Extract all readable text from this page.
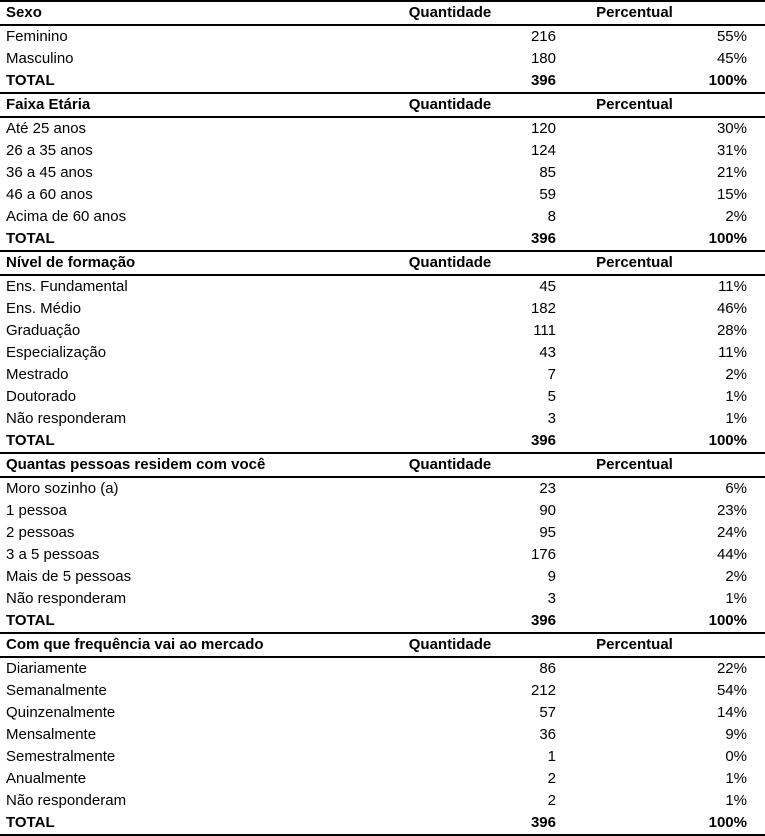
Sexo	Quantidade	Percentual
Feminino	216	55%
Masculino	180	45%
TOTAL	396	100%
Faixa Etária	Quantidade	Percentual
Até 25 anos	120	30%
26 a 35 anos	124	31%
36 a 45 anos	85	21%
46 a 60 anos	59	15%
Acima de 60 anos	8	2%
TOTAL	396	100%
Nível de formação	Quantidade	Percentual
Ens. Fundamental	45	11%
Ens. Médio	182	46%
Graduação	111	28%
Especialização	43	11%
Mestrado	7	2%
Doutorado	5	1%
Não responderam	3	1%
TOTAL	396	100%
Quantas pessoas residem com você	Quantidade	Percentual
Moro sozinho (a)	23	6%
1 pessoa	90	23%
2 pessoas	95	24%
3 a 5 pessoas	176	44%
Mais de 5 pessoas	9	2%
Não responderam	3	1%
TOTAL	396	100%
Com que frequência vai ao mercado	Quantidade	Percentual
Diariamente	86	22%
Semanalmente	212	54%
Quinzenalmente	57	14%
Mensalmente	36	9%
Semestralmente	1	0%
Anualmente	2	1%
Não responderam	2	1%
TOTAL	396	100%
